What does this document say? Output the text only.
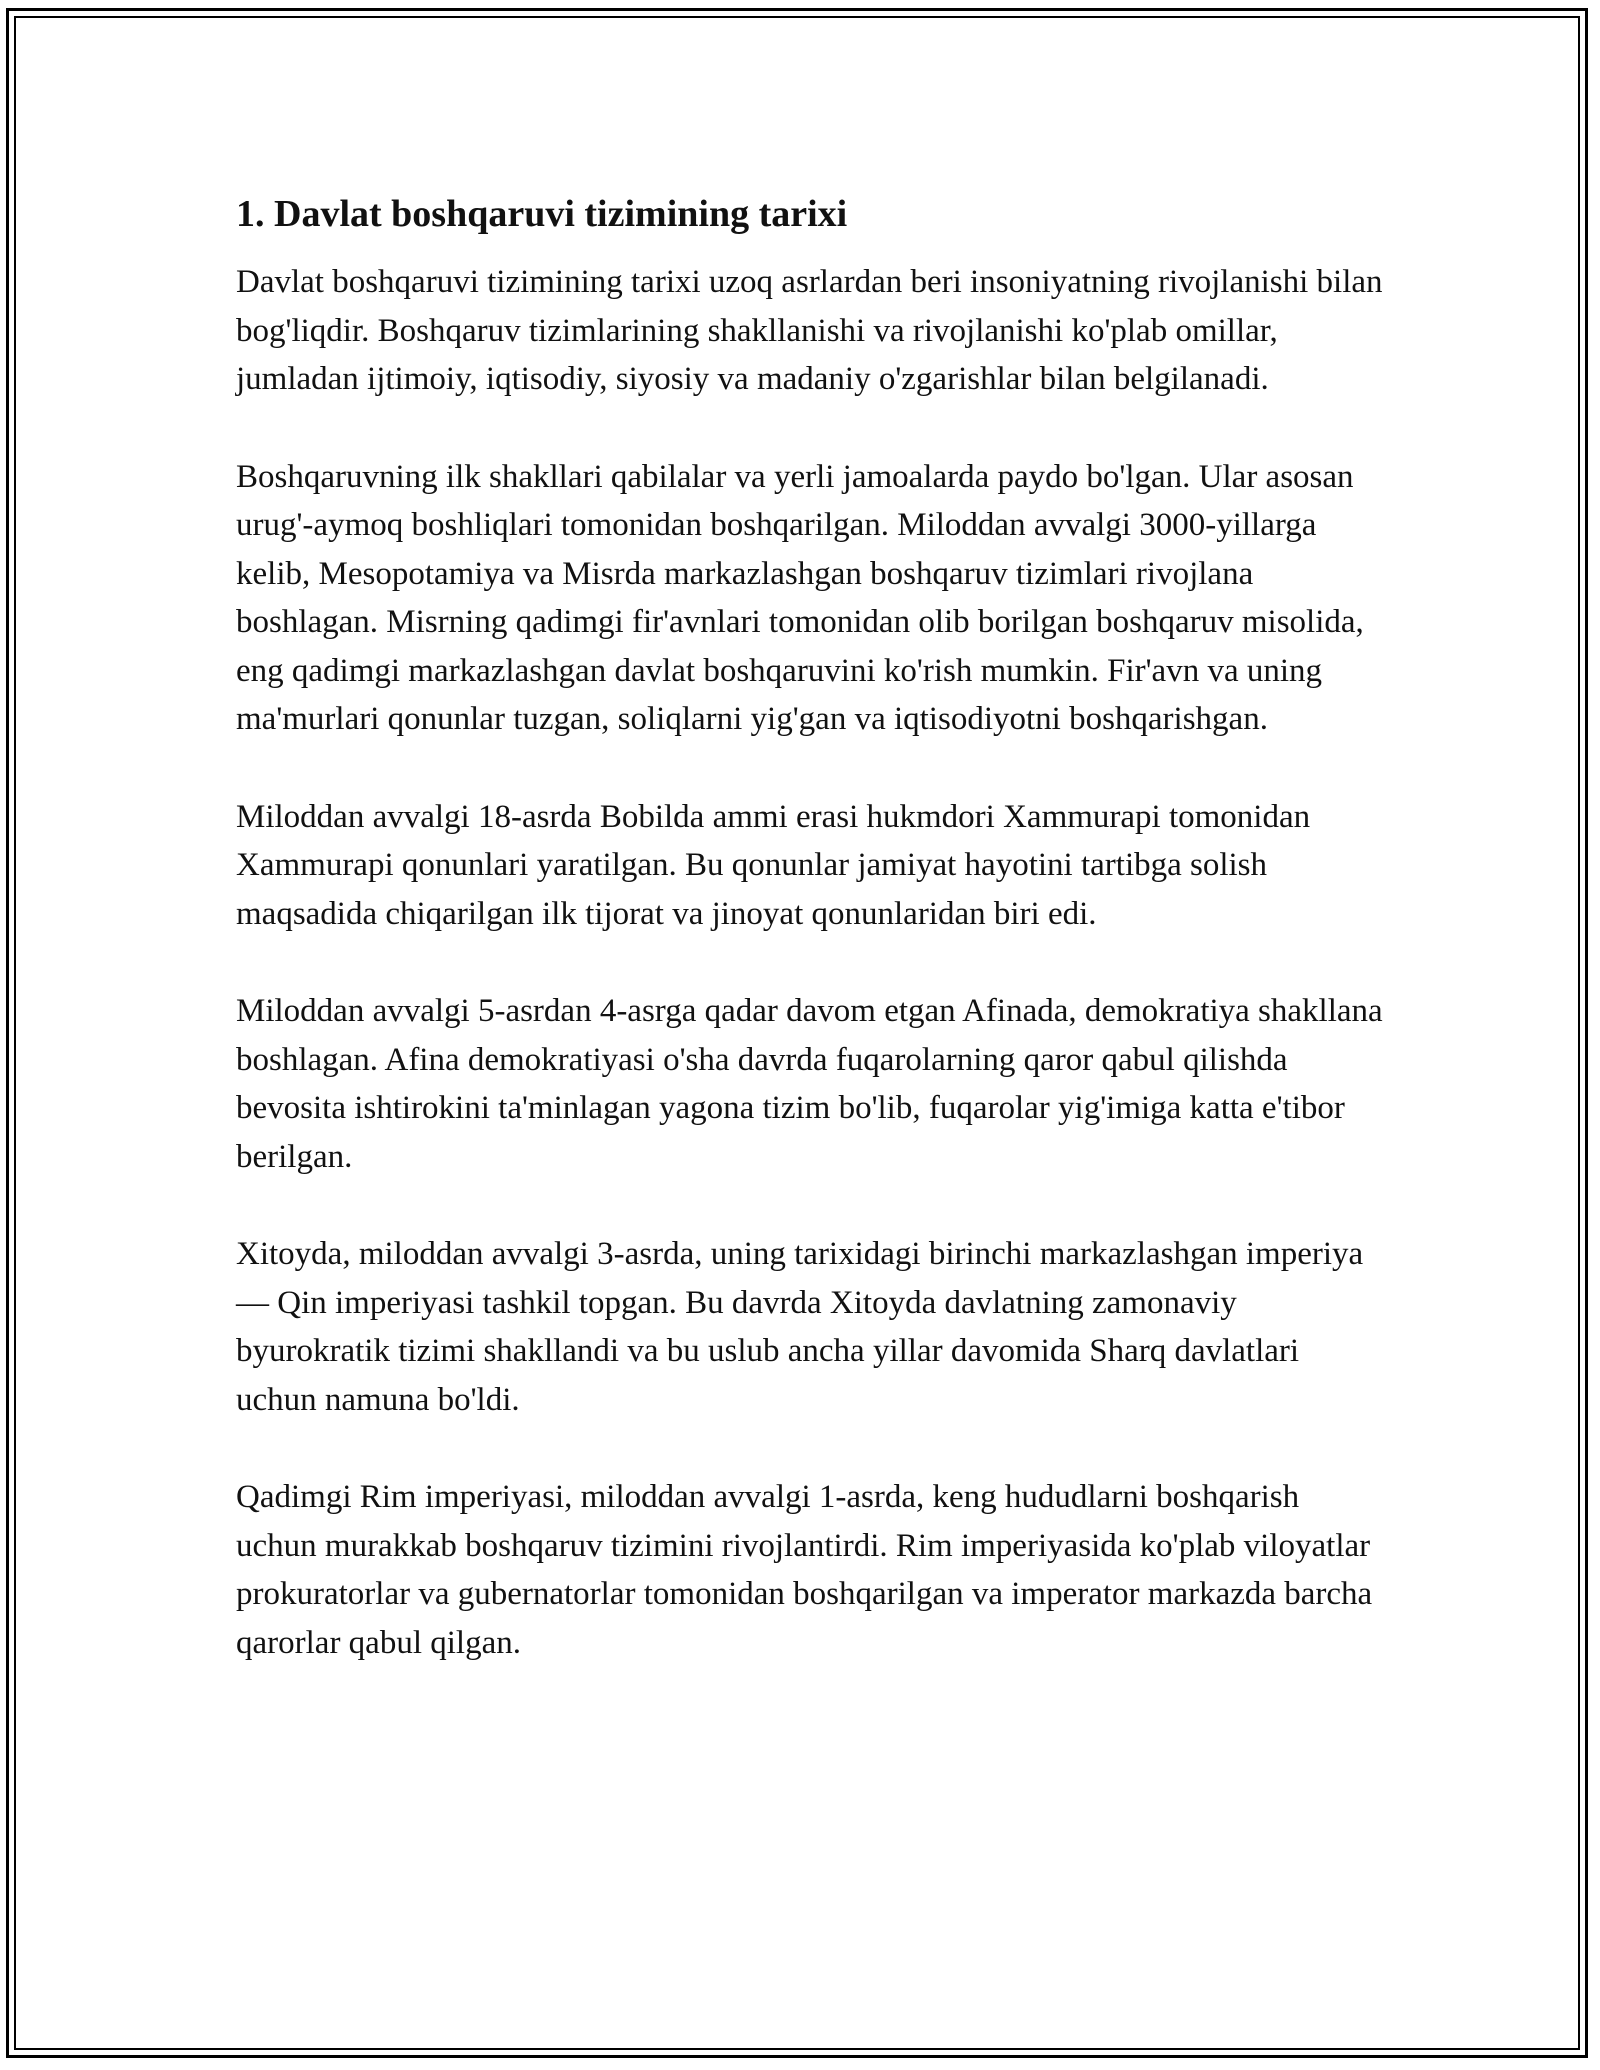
1. Davlat boshqaruvi tizimining tarixi

Davlat boshqaruvi tizimining tarixi uzoq asrlardan beri insoniyatning rivojlanishi bilan bog'liqdir. Boshqaruv tizimlarining shakllanishi va rivojlanishi ko'plab omillar, jumladan ijtimoiy, iqtisodiy, siyosiy va madaniy o'zgarishlar bilan belgilanadi.

Boshqaruvning ilk shakllari qabilalar va yerli jamoalarda paydo bo'lgan. Ular asosan urug'-aymoq boshliqlari tomonidan boshqarilgan. Miloddan avvalgi 3000-yillarga kelib, Mesopotamiya va Misrda markazlashgan boshqaruv tizimlari rivojlana boshlagan. Misrning qadimgi fir'avnlari tomonidan olib borilgan boshqaruv misolida, eng qadimgi markazlashgan davlat boshqaruvini ko'rish mumkin. Fir'avn va uning ma'murlari qonunlar tuzgan, soliqlarni yig'gan va iqtisodiyotni boshqarishgan.

Miloddan avvalgi 18-asrda Bobilda ammi erasi hukmdori Xammurapi tomonidan Xammurapi qonunlari yaratilgan. Bu qonunlar jamiyat hayotini tartibga solish maqsadida chiqarilgan ilk tijorat va jinoyat qonunlaridan biri edi.

Miloddan avvalgi 5-asrdan 4-asrga qadar davom etgan Afinada, demokratiya shakllana boshlagan. Afina demokratiyasi o'sha davrda fuqarolarning qaror qabul qilishda bevosita ishtirokini ta'minlagan yagona tizim bo'lib, fuqarolar yig'imiga katta e'tibor berilgan.

Xitoyda, miloddan avvalgi 3-asrda, uning tarixidagi birinchi markazlashgan imperiya — Qin imperiyasi tashkil topgan. Bu davrda Xitoyda davlatning zamonaviy byurokratik tizimi shakllandi va bu uslub ancha yillar davomida Sharq davlatlari uchun namuna bo'ldi.

Qadimgi Rim imperiyasi, miloddan avvalgi 1-asrda, keng hududlarni boshqarish uchun murakkab boshqaruv tizimini rivojlantirdi. Rim imperiyasida ko'plab viloyatlar prokuratorlar va gubernatorlar tomonidan boshqarilgan va imperator markazda barcha qarorlar qabul qilgan.
